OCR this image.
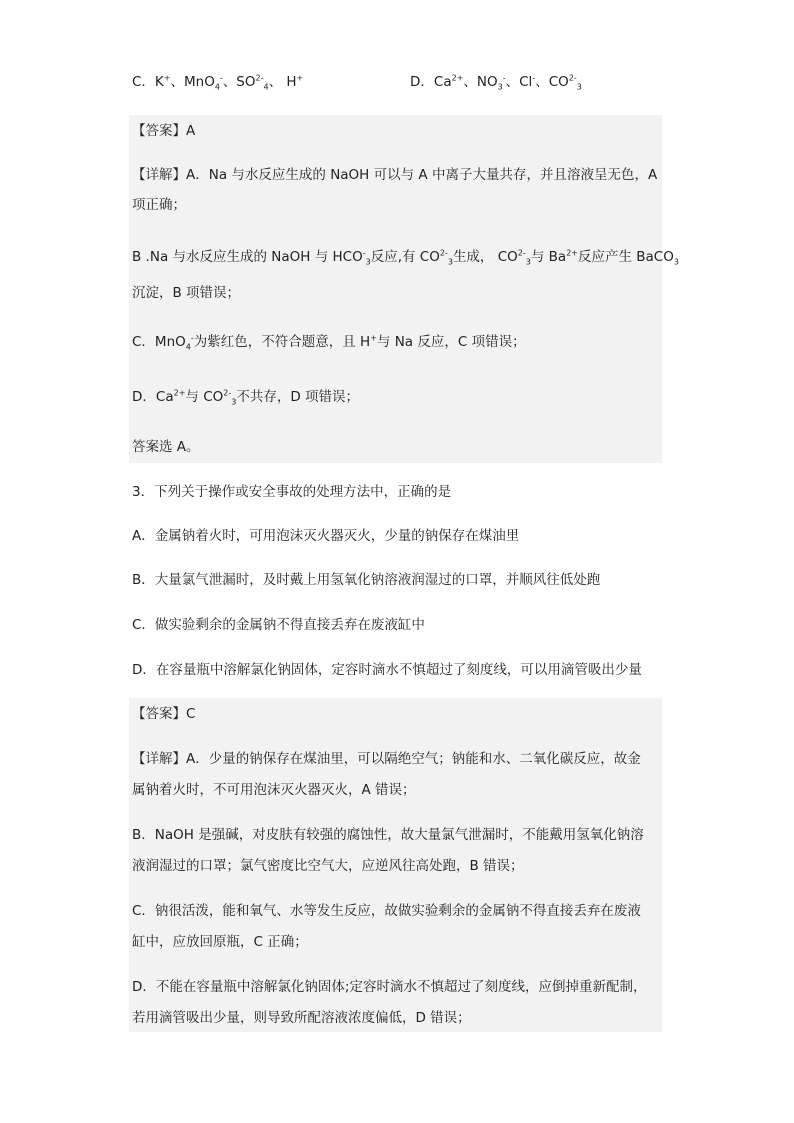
C．K+、MnO$_4$-、$SO^{2-}_4$、 H+	D．$Ca^{2+}$、$NO_3^-$、Cl-、$CO^{2-}_3$
【答案】A
【详解】A．Na 与水反应生成的 NaOH 可以与 A 中离子大量共存，并且溶液呈无色，A
项正确；
B .Na 与水反应生成的 NaOH 与 $HCO^-_3$反应,有 $CO^{2-}_3$生成， $CO^{2-}_3$与 $Ba^{2+}$反应产生 BaCO$_3$
沉淀，B 项错误；
C．MnO$_4$-为紫红色，不符合题意，且 H+与 Na 反应，C 项错误；
D．$Ca^{2+}$与 $CO^{2-}_3$不共存，D 项错误；
答案选 A。
3．下列关于操作或安全事故的处理方法中，正确的是
A．金属钠着火时，可用泡沫灭火器灭火，少量的钠保存在煤油里
B．大量氯气泄漏时，及时戴上用氢氧化钠溶液润湿过的口罩，并顺风往低处跑
C．做实验剩余的金属钠不得直接丢弃在废液缸中
D．在容量瓶中溶解氯化钠固体，定容时滴水不慎超过了刻度线，可以用滴管吸出少量
【答案】C
【详解】A．少量的钠保存在煤油里，可以隔绝空气；钠能和水、二氧化碳反应，故金
属钠着火时，不可用泡沫灭火器灭火，A 错误；
B．NaOH 是强碱，对皮肤有较强的腐蚀性，故大量氯气泄漏时，不能戴用氢氧化钠溶
液润湿过的口罩；氯气密度比空气大，应逆风往高处跑，B 错误；
C．钠很活泼，能和氧气、水等发生反应，故做实验剩余的金属钠不得直接丢弃在废液
缸中，应放回原瓶，C 正确；
D．不能在容量瓶中溶解氯化钠固体;定容时滴水不慎超过了刻度线，应倒掉重新配制，
若用滴管吸出少量，则导致所配溶液浓度偏低，D 错误；
